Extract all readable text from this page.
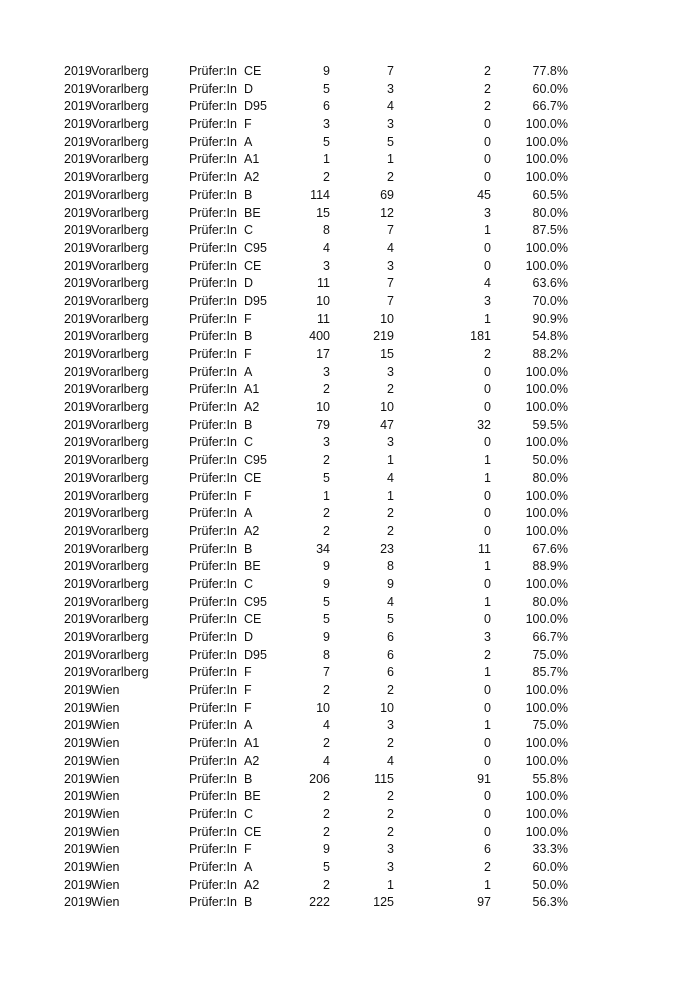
2019 Vorarlberg	Prüfer:In CE	9	7	2	77.8%
2019 Vorarlberg	Prüfer:In D	5	3	2	60.0%
2019 Vorarlberg	Prüfer:In D95	6	4	2	66.7%
2019 Vorarlberg	Prüfer:In F	3	3	0	100.0%
2019 Vorarlberg	Prüfer:In A	5	5	0	100.0%
2019 Vorarlberg	Prüfer:In A1	1	1	0	100.0%
2019 Vorarlberg	Prüfer:In A2	2	2	0	100.0%
2019 Vorarlberg	Prüfer:In B	114	69	45	60.5%
2019 Vorarlberg	Prüfer:In BE	15	12	3	80.0%
2019 Vorarlberg	Prüfer:In C	8	7	1	87.5%
2019 Vorarlberg	Prüfer:In C95	4	4	0	100.0%
2019 Vorarlberg	Prüfer:In CE	3	3	0	100.0%
2019 Vorarlberg	Prüfer:In D	11	7	4	63.6%
2019 Vorarlberg	Prüfer:In D95	10	7	3	70.0%
2019 Vorarlberg	Prüfer:In F	11	10	1	90.9%
2019 Vorarlberg	Prüfer:In B	400	219	181	54.8%
2019 Vorarlberg	Prüfer:In F	17	15	2	88.2%
2019 Vorarlberg	Prüfer:In A	3	3	0	100.0%
2019 Vorarlberg	Prüfer:In A1	2	2	0	100.0%
2019 Vorarlberg	Prüfer:In A2	10	10	0	100.0%
2019 Vorarlberg	Prüfer:In B	79	47	32	59.5%
2019 Vorarlberg	Prüfer:In C	3	3	0	100.0%
2019 Vorarlberg	Prüfer:In C95	2	1	1	50.0%
2019 Vorarlberg	Prüfer:In CE	5	4	1	80.0%
2019 Vorarlberg	Prüfer:In F	1	1	0	100.0%
2019 Vorarlberg	Prüfer:In A	2	2	0	100.0%
2019 Vorarlberg	Prüfer:In A2	2	2	0	100.0%
2019 Vorarlberg	Prüfer:In B	34	23	11	67.6%
2019 Vorarlberg	Prüfer:In BE	9	8	1	88.9%
2019 Vorarlberg	Prüfer:In C	9	9	0	100.0%
2019 Vorarlberg	Prüfer:In C95	5	4	1	80.0%
2019 Vorarlberg	Prüfer:In CE	5	5	0	100.0%
2019 Vorarlberg	Prüfer:In D	9	6	3	66.7%
2019 Vorarlberg	Prüfer:In D95	8	6	2	75.0%
2019 Vorarlberg	Prüfer:In F	7	6	1	85.7%
2019 Wien	Prüfer:In F	2	2	0	100.0%
2019 Wien	Prüfer:In F	10	10	0	100.0%
2019 Wien	Prüfer:In A	4	3	1	75.0%
2019 Wien	Prüfer:In A1	2	2	0	100.0%
2019 Wien	Prüfer:In A2	4	4	0	100.0%
2019 Wien	Prüfer:In B	206	115	91	55.8%
2019 Wien	Prüfer:In BE	2	2	0	100.0%
2019 Wien	Prüfer:In C	2	2	0	100.0%
2019 Wien	Prüfer:In CE	2	2	0	100.0%
2019 Wien	Prüfer:In F	9	3	6	33.3%
2019 Wien	Prüfer:In A	5	3	2	60.0%
2019 Wien	Prüfer:In A2	2	1	1	50.0%
2019 Wien	Prüfer:In B	222	125	97	56.3%
